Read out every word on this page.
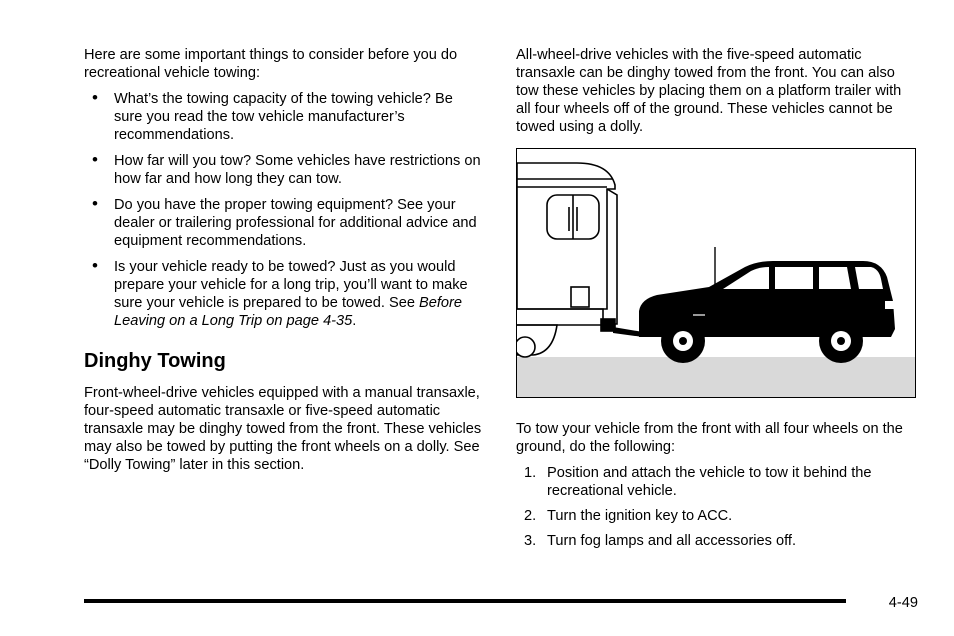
Here are some important things to consider before you do recreational vehicle towing:

• What’s the towing capacity of the towing vehicle? Be sure you read the tow vehicle manufacturer’s recommendations.
• How far will you tow? Some vehicles have restrictions on how far and how long they can tow.
• Do you have the proper towing equipment? See your dealer or trailering professional for additional advice and equipment recommendations.
• Is your vehicle ready to be towed? Just as you would prepare your vehicle for a long trip, you’ll want to make sure your vehicle is prepared to be towed. See Before Leaving on a Long Trip on page 4-35.
Dinghy Towing

Front-wheel-drive vehicles equipped with a manual transaxle, four-speed automatic transaxle or five-speed automatic transaxle may be dinghy towed from the front. These vehicles may also be towed by putting the front wheels on a dolly. See “Dolly Towing” later in this section.

All-wheel-drive vehicles with the five-speed automatic transaxle can be dinghy towed from the front. You can also tow these vehicles by placing them on a platform trailer with all four wheels off of the ground. These vehicles cannot be towed using a dolly.

To tow your vehicle from the front with all four wheels on the ground, do the following:

1. Position and attach the vehicle to tow it behind the recreational vehicle.
2. Turn the ignition key to ACC.
3. Turn fog lamps and all accessories off.
4-49
